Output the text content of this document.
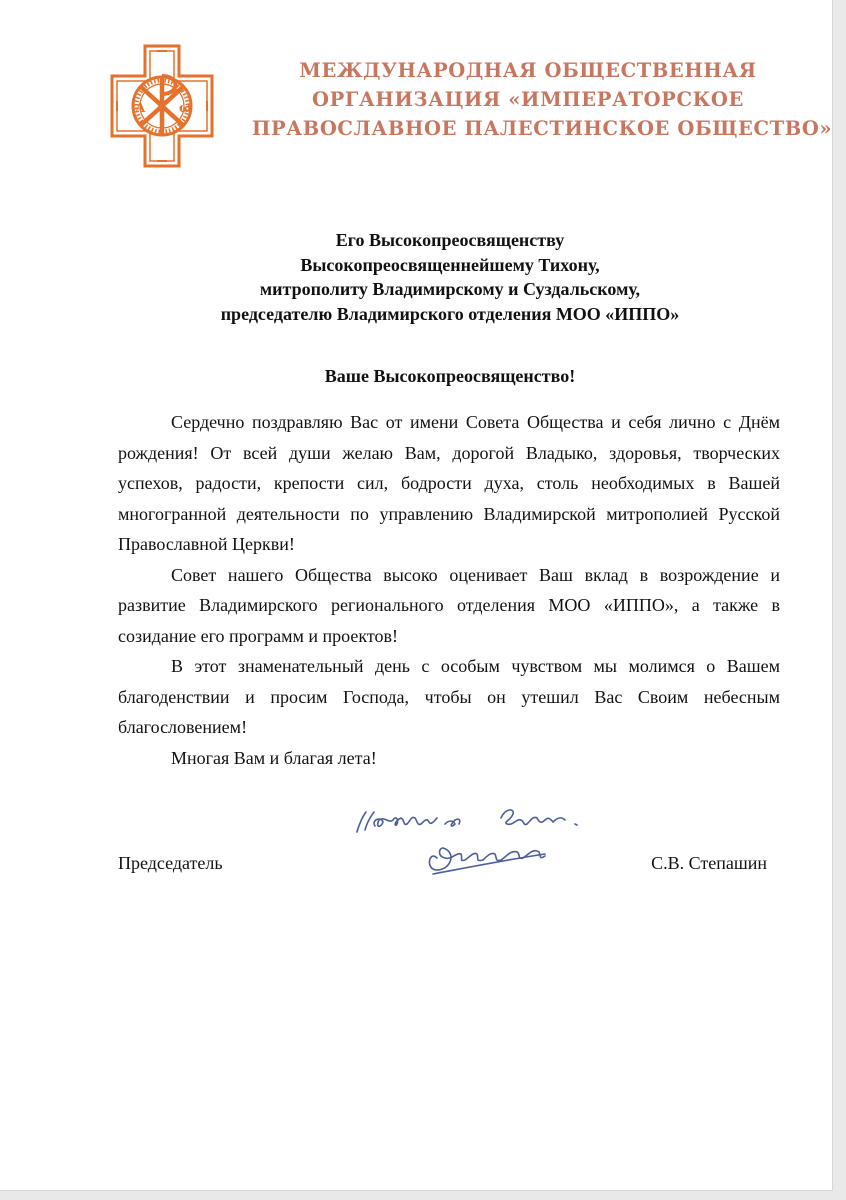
А	ω
МЕЖДУНАРОДНАЯ ОБЩЕСТВЕННАЯ
ОРГАНИЗАЦИЯ «ИМПЕРАТОРСКОЕ
ПРАВОСЛАВНОЕ ПАЛЕСТИНСКОЕ ОБЩЕСТВО»
Его Высокопреосвященству
Высокопреосвященнейшему Тихону,
митрополиту Владимирскому и Суздальскому,
председателю Владимирского отделения МОО «ИППО»
Ваше Высокопреосвященство!

Сердечно поздравляю Вас от имени Совета Общества и себя лично с Днём рождения! От всей души желаю Вам, дорогой Владыко, здоровья, творческих успехов, радости, крепости сил, бодрости духа, столь необходимых в Вашей многогранной деятельности по управлению Владимирской митрополией Русской Православной Церкви!

Совет нашего Общества высоко оценивает Ваш вклад в возрождение и развитие Владимирского регионального отделения МОО «ИППО», а также в созидание его программ и проектов!

В этот знаменательный день с особым чувством мы молимся о Вашем благоденствии и просим Господа, чтобы он утешил Вас Своим небесным благословением!

Многая Вам и благая лета!

Председатель	С.В. Степашин
